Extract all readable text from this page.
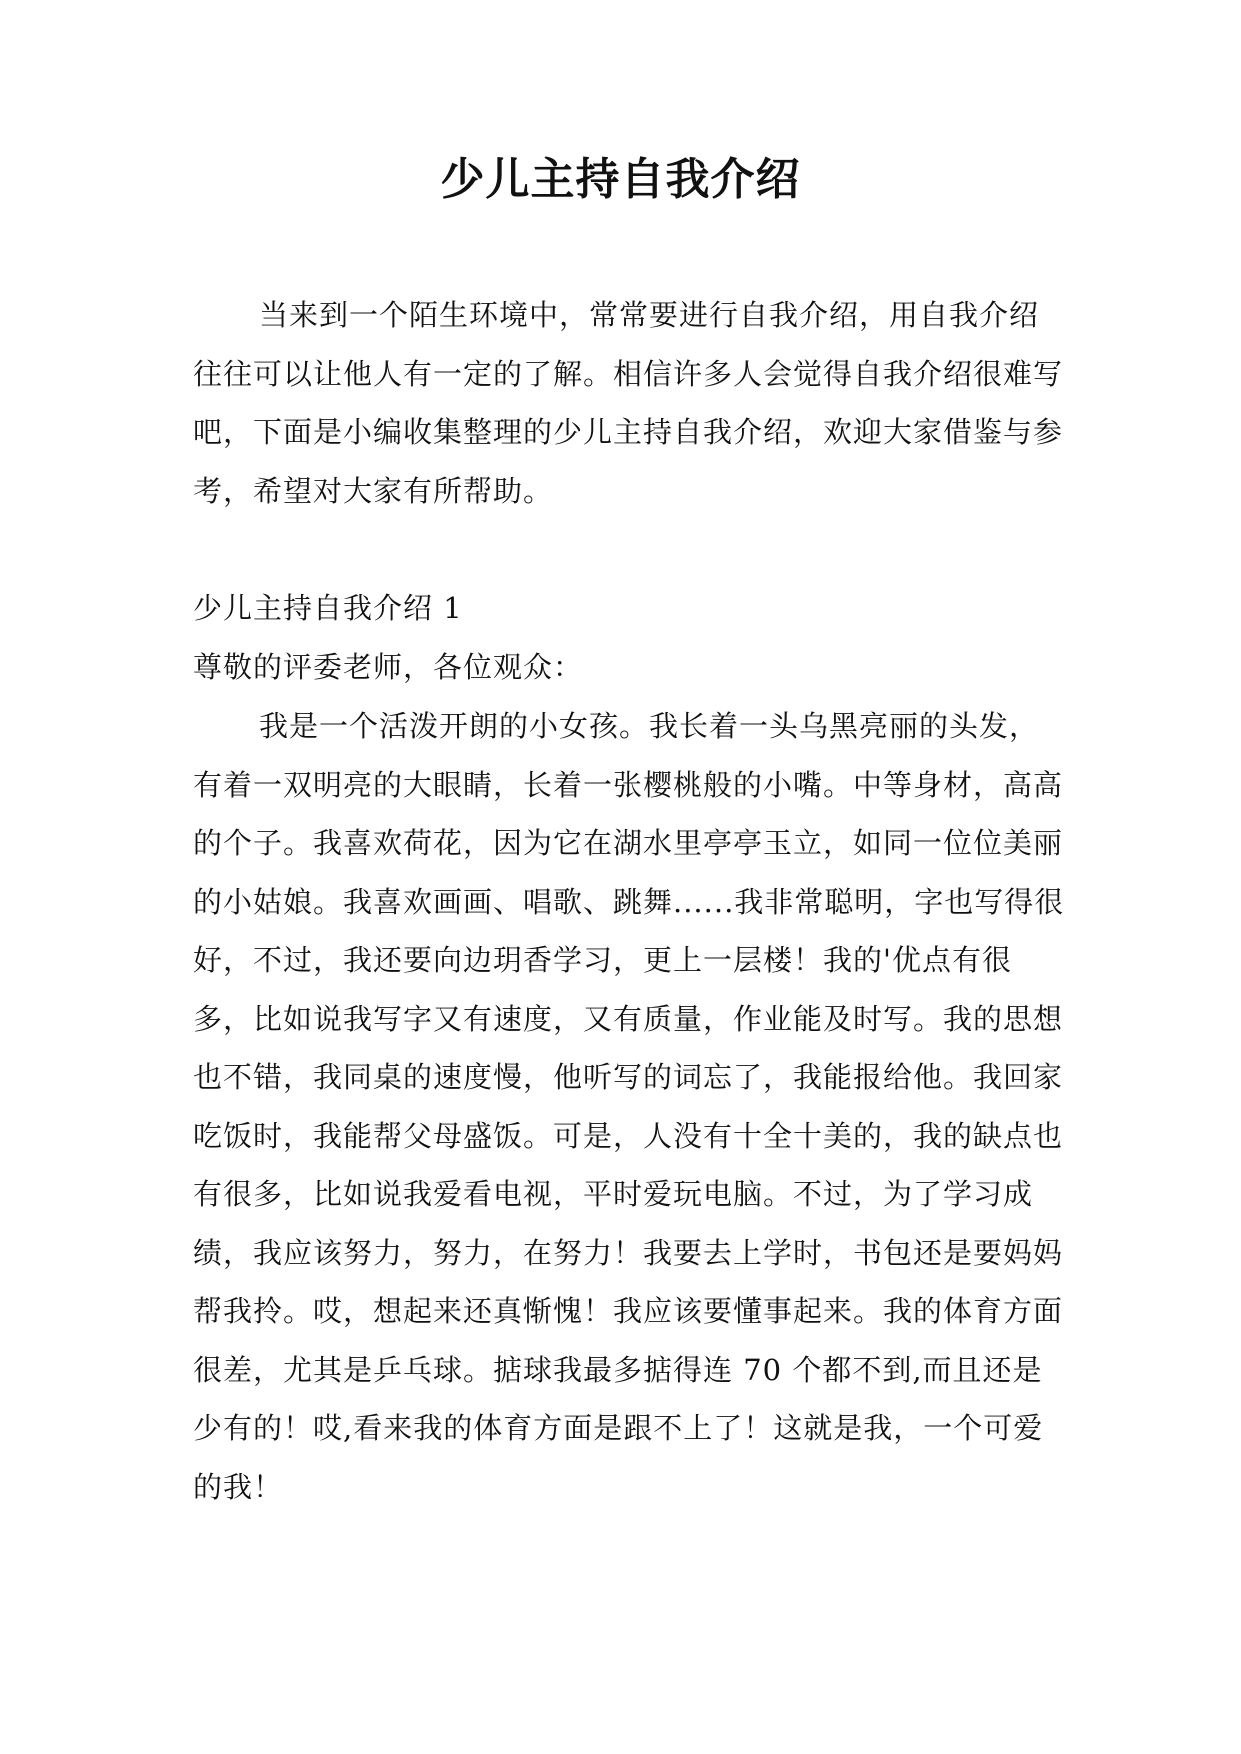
少儿主持自我介绍

当来到一个陌生环境中，常常要进行自我介绍，用自我介绍往往可以让他人有一定的了解。相信许多人会觉得自我介绍很难写吧，下面是小编收集整理的少儿主持自我介绍，欢迎大家借鉴与参考，希望对大家有所帮助。

少儿主持自我介绍 1

尊敬的评委老师，各位观众：

我是一个活泼开朗的小女孩。我长着一头乌黑亮丽的头发，有着一双明亮的大眼睛，长着一张樱桃般的小嘴。中等身材，高高的个子。我喜欢荷花，因为它在湖水里亭亭玉立，如同一位位美丽的小姑娘。我喜欢画画、唱歌、跳舞......我非常聪明，字也写得很好，不过，我还要向边玥香学习，更上一层楼！我的'优点有很多，比如说我写字又有速度，又有质量，作业能及时写。我的思想也不错，我同桌的速度慢，他听写的词忘了，我能报给他。我回家吃饭时，我能帮父母盛饭。可是，人没有十全十美的，我的缺点也有很多，比如说我爱看电视，平时爱玩电脑。不过，为了学习成绩，我应该努力，努力，在努力！我要去上学时，书包还是要妈妈帮我拎。哎，想起来还真惭愧！我应该要懂事起来。我的体育方面很差，尤其是乒乓球。掂球我最多掂得连 70 个都不到,而且还是少有的！哎,看来我的体育方面是跟不上了！这就是我，一个可爱的我！
